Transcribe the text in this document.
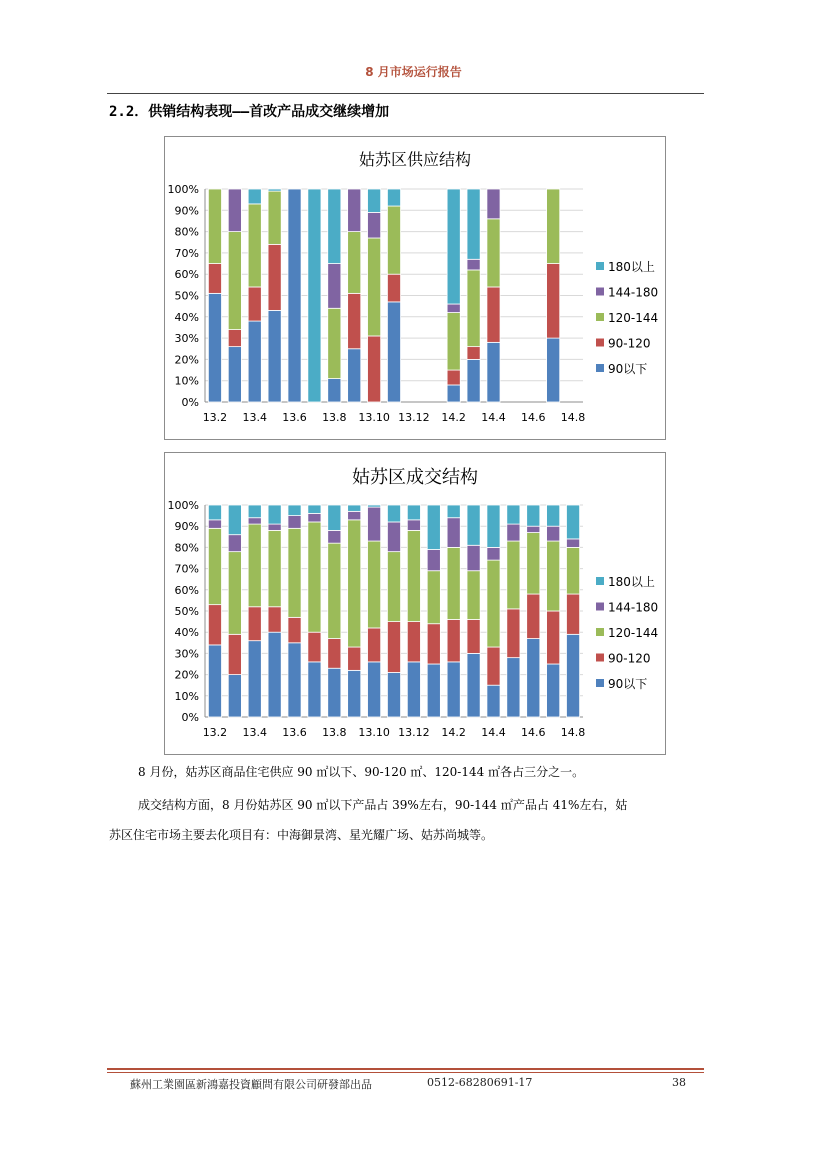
8 月市场运行报告
2.2．供销结构表现——首改产品成交继续增加
姑苏区供应结构
0%
10%
20%
30%
40%
50%
60%
70%
80%
90%
100%
13.2 13.4 13.6 13.8 13.10 13.12 14.2 14.4 14.6 14.8
180以上
144-180
120-144
90-120
90以下
姑苏区成交结构
0%
10%
20%
30%
40%
50%
60%
70%
80%
90%
100%
13.2 13.4 13.6 13.8 13.10 13.12 14.2 14.4 14.6 14.8
180以上
144-180
120-144
90-120
90以下
8 月份，姑苏区商品住宅供应 90 ㎡以下、90-120 ㎡、120-144 ㎡各占三分之一。
成交结构方面，8 月份姑苏区 90 ㎡以下产品占 39%左右，90-144 ㎡产品占 41%左右，姑
苏区住宅市场主要去化项目有：中海御景湾、星光耀广场、姑苏尚城等。
蘇州工業園區新鴻嘉投資顧問有限公司研發部出品	0512-68280691-17	38
